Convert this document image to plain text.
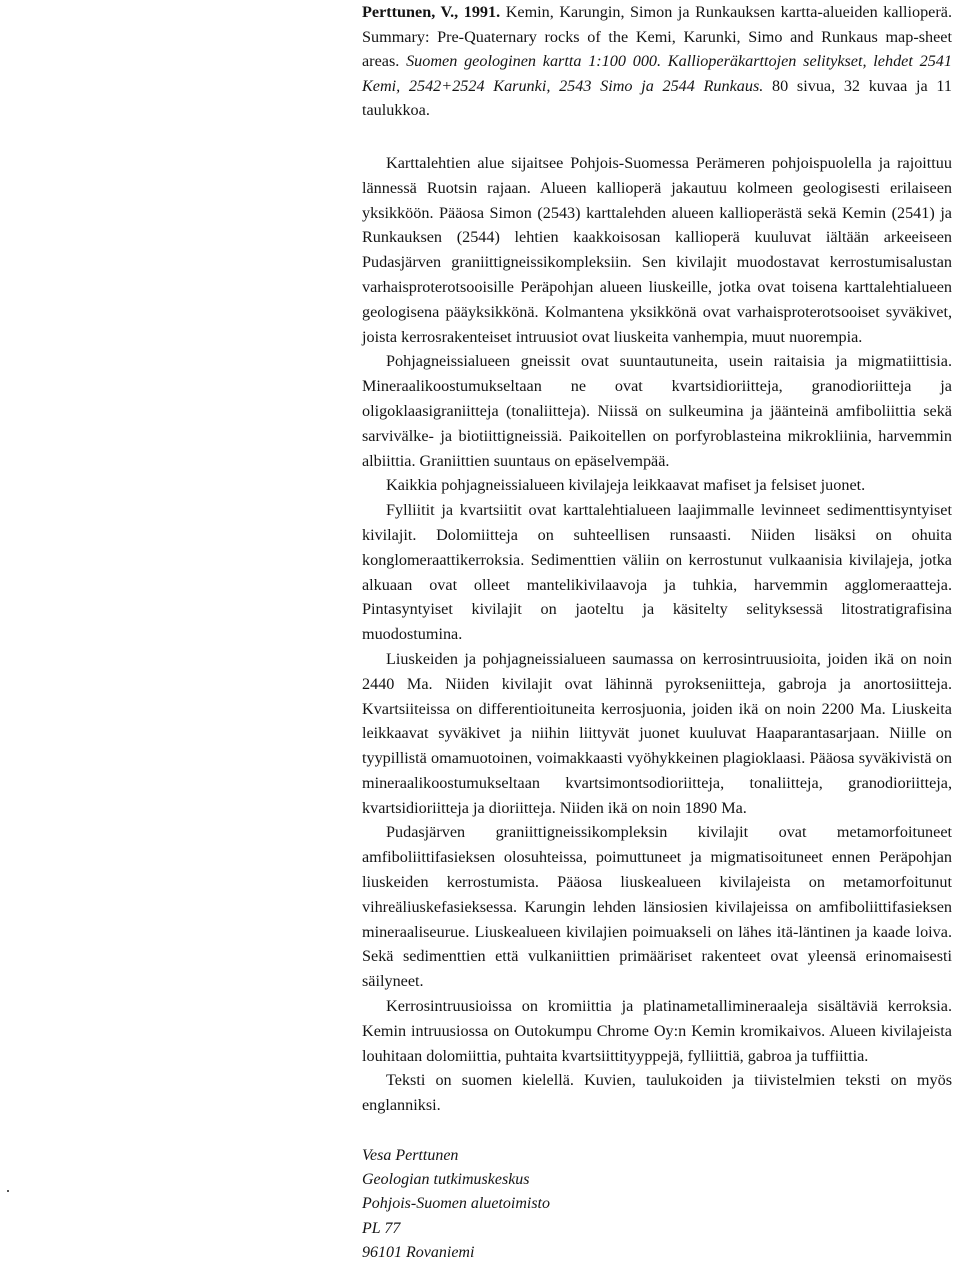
Perttunen, V., 1991. Kemin, Karungin, Simon ja Runkauksen kartta-alueiden kallioperä. Summary: Pre-Quaternary rocks of the Kemi, Karunki, Simo and Runkaus map-sheet areas. Suomen geologinen kartta 1:100 000. Kallioperäkarttojen selitykset, lehdet 2541 Kemi, 2542+2524 Karunki, 2543 Simo ja 2544 Runkaus. 80 sivua, 32 kuvaa ja 11 taulukkoa.

Karttalehtien alue sijaitsee Pohjois-Suomessa Perämeren pohjoispuolella ja rajoittuu lännessä Ruotsin rajaan. Alueen kallioperä jakautuu kolmeen geologisesti erilaiseen yksikköön. Pääosa Simon (2543) karttalehden alueen kallioperästä sekä Kemin (2541) ja Runkauksen (2544) lehtien kaakkoisosan kallioperä kuuluvat iältään arkeeiseen Pudasjärven graniittigneissikompleksiin. Sen kivilajit muodostavat kerrostumisalustan varhaisproterotsooisille Peräpohjan alueen liuskeille, jotka ovat toisena karttalehtialueen geologisena pääyksikkönä. Kolmantena yksikkönä ovat varhaisproterotsooiset syväkivet, joista kerrosrakenteiset intruusiot ovat liuskeita vanhempia, muut nuorempia.

Pohjagneissialueen gneissit ovat suuntautuneita, usein raitaisia ja migmatiittisia. Mineraalikoostumukseltaan ne ovat kvartsidioriitteja, granodioriitteja ja oligoklaasigraniitteja (tonaliitteja). Niissä on sulkeumina ja jäänteinä amfiboliittia sekä sarvivälke- ja biotiittigneissiä. Paikoitellen on porfyroblasteina mikrokliinia, harvemmin albiittia. Graniittien suuntaus on epäselvempää.

Kaikkia pohjagneissialueen kivilajeja leikkaavat mafiset ja felsiset juonet.

Fylliitit ja kvartsiitit ovat karttalehtialueen laajimmalle levinneet sedimenttisyntyiset kivilajit. Dolomiitteja on suhteellisen runsaasti. Niiden lisäksi on ohuita konglomeraattikerroksia. Sedimenttien väliin on kerrostunut vulkaanisia kivilajeja, jotka alkuaan ovat olleet mantelikivilaavoja ja tuhkia, harvemmin agglomeraatteja. Pintasyntyiset kivilajit on jaoteltu ja käsitelty selityksessä litostratigrafisina muodostumina.

Liuskeiden ja pohjagneissialueen saumassa on kerrosintruusioita, joiden ikä on noin 2440 Ma. Niiden kivilajit ovat lähinnä pyrokseniitteja, gabroja ja anortosiitteja. Kvartsiiteissa on differentioituneita kerrosjuonia, joiden ikä on noin 2200 Ma. Liuskeita leikkaavat syväkivet ja niihin liittyvät juonet kuuluvat Haaparantasarjaan. Niille on tyypillistä omamuotoinen, voimakkaasti vyöhykkeinen plagioklaasi. Pääosa syväkivistä on mineraalikoostumukseltaan kvartsimontsodioriitteja, tonaliitteja, granodioriitteja, kvartsidioriitteja ja dioriitteja. Niiden ikä on noin 1890 Ma.

Pudasjärven graniittigneissikompleksin kivilajit ovat metamorfoituneet amfiboliittifasieksen olosuhteissa, poimuttuneet ja migmatisoituneet ennen Peräpohjan liuskeiden kerrostumista. Pääosa liuskealueen kivilajeista on metamorfoitunut vihreäliuskefasieksessa. Karungin lehden länsiosien kivilajeissa on amfiboliittifasieksen mineraaliseurue. Liuskealueen kivilajien poimuakseli on lähes itä-läntinen ja kaade loiva. Sekä sedimenttien että vulkaniittien primääriset rakenteet ovat yleensä erinomaisesti säilyneet.

Kerrosintruusioissa on kromiittia ja platinametallimineraaleja sisältäviä kerroksia. Kemin intruusiossa on Outokumpu Chrome Oy:n Kemin kromikaivos. Alueen kivilajeista louhitaan dolomiittia, puhtaita kvartsiittityyppejä, fylliittiä, gabroa ja tuffiittia.

Teksti on suomen kielellä. Kuvien, taulukoiden ja tiivistelmien teksti on myös englanniksi.

Vesa Perttunen
Geologian tutkimuskeskus
Pohjois-Suomen aluetoimisto
PL 77
96101 Rovaniemi
